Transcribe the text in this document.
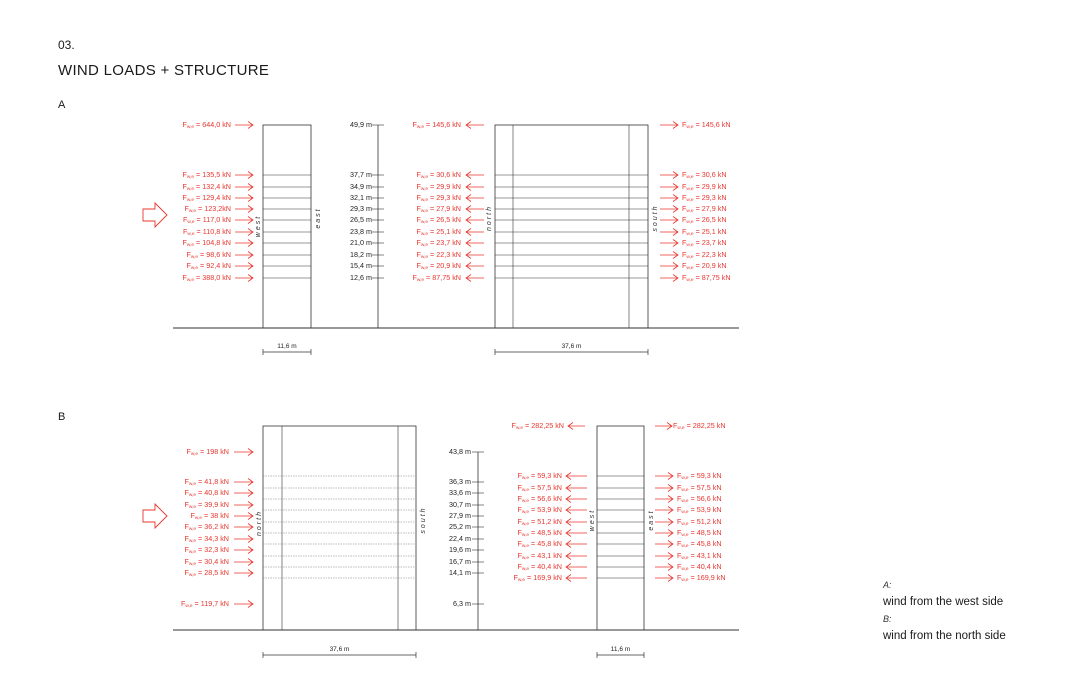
03.
WIND LOADS + STRUCTURE
A
B
$F_{w,e} = 644,0$ kN	49,9 m	$F_{w,e} = 145,6$ kN	$F_{w,e} = 145,6$ kN
$F_{w,e} = 135,5$ kN	37,7 m	$F_{w,e} = 30,6$ kN	$F_{w,e} = 30,6$ kN
$F_{w,e} = 132,4$ kN	34,9 m	$F_{w,e} = 29,9$ kN	$F_{w,e} = 29,9$ kN
$F_{w,e} = 129,4$ kN	32,1 m	$F_{w,e} = 29,3$ kN	$F_{w,e} = 29,3$ kN
$F_{w,e} = 123,2kN$	29,3 m	$F_{w,e} = 27,9$ kN	$F_{w,e} = 27,9$ kN
$F_{w,e} = 117,0$ kN	26,5 m	$F_{w,e} = 26,5$ kN	$F_{w,e} = 26,5$ kN
$F_{w,e} = 110,8$ kN	23,8 m	$F_{w,e} = 25,1$ kN	$F_{w,e} = 25,1$ kN
$F_{w,e} = 104,8$ kN	21,0 m	$F_{w,e} = 23,7$ kN	$F_{w,e} = 23,7$ kN
$F_{w,e} = 98,6$ kN	18,2 m	$F_{w,e} = 22,3$ kN	$F_{w,e} = 22,3$ kN
$F_{w,e} = 92,4$ kN	15,4 m	$F_{w,e} = 20,9$ kN	$F_{w,e} = 20,9$ kN
$F_{w,e} = 388,0$ kN	12,6 m	$F_{w,e} = 87,75$ kN	$F_{w,e} = 87,75$ kN
west	east	north	south
11,6 m	37,6 m
$F_{w,e} = 198$ kN	43,8 m
$F_{w,e} = 41,8$ kN	36,3 m
$F_{w,e} = 40,8$ kN	33,6 m
$F_{w,e} = 39,9$ kN	30,7 m
$F_{w,e} = 38$ kN	27,9 m
$F_{w,e} = 36,2$ kN	25,2 m
$F_{w,e} = 34,3$ kN	22,4 m
$F_{w,e} = 32,3$ kN	19,6 m
$F_{w,e} = 30,4$ kN	16,7 m
$F_{w,e} = 28,5$ kN	14,1 m
$F_{w,e} = 119,7$ kN	6,3 m
$F_{w,e} = 282,25$ kN	$F_{w,e} = 282,25$ kN
$F_{w,e} = 59,3$ kN	$F_{w,e} = 59,3$ kN
$F_{w,e} = 57,5$ kN	$F_{w,e} = 57,5$ kN
$F_{w,e} = 56,6$ kN	$F_{w,e} = 56,6$ kN
$F_{w,e} = 53,9$ kN	$F_{w,e} = 53,9$ kN
$F_{w,e} = 51,2$ kN	$F_{w,e} = 51,2$ kN
$F_{w,e} = 48,5$ kN	$F_{w,e} = 48,5$ kN
$F_{w,e} = 45,8$ kN	$F_{w,e} = 45,8$ kN
$F_{w,e} = 43,1$ kN	$F_{w,e} = 43,1$ kN
$F_{w,e} = 40,4$ kN	$F_{w,e} = 40,4$ kN
$F_{w,e} = 169,9$ kN	$F_{w,e} = 169,9$ kN
north	south	west	east
37,6 m	11,6 m
A:
wind from the west side
B:
wind from the north side
